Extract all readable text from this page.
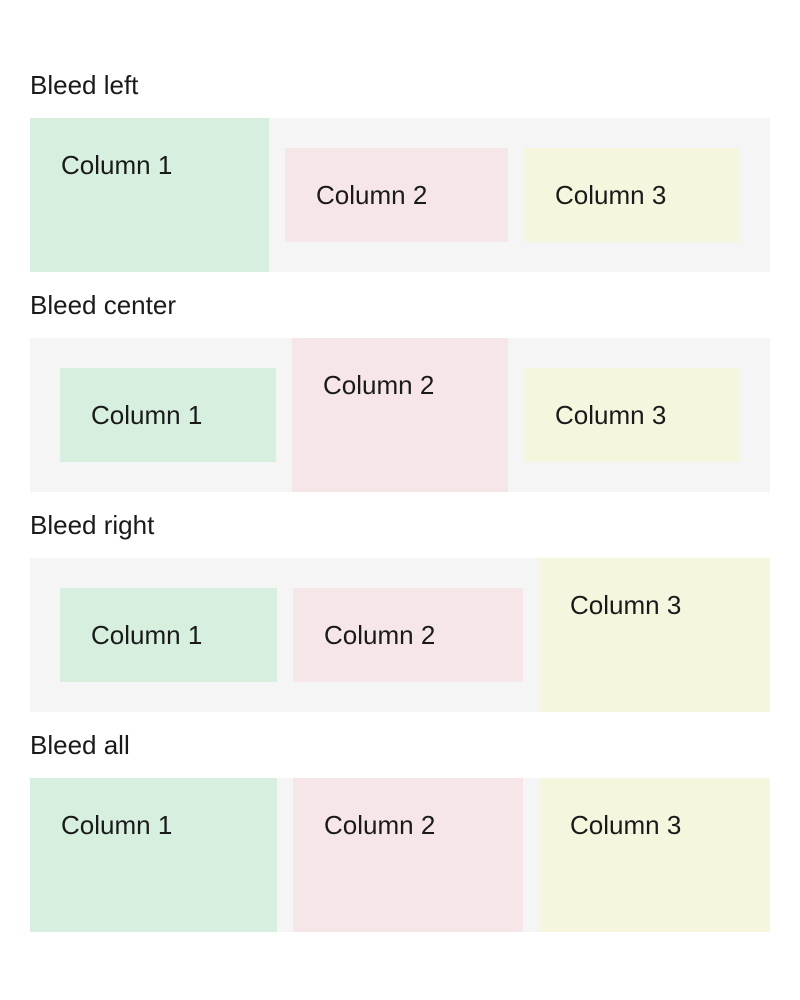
Bleed left
Column 1
Column 2	Column 3
Bleed center
Column 1
Column 2
Column 3
Bleed right
Column 1	Column 2
Column 3
Bleed all
Column 1	Column 2	Column 3
